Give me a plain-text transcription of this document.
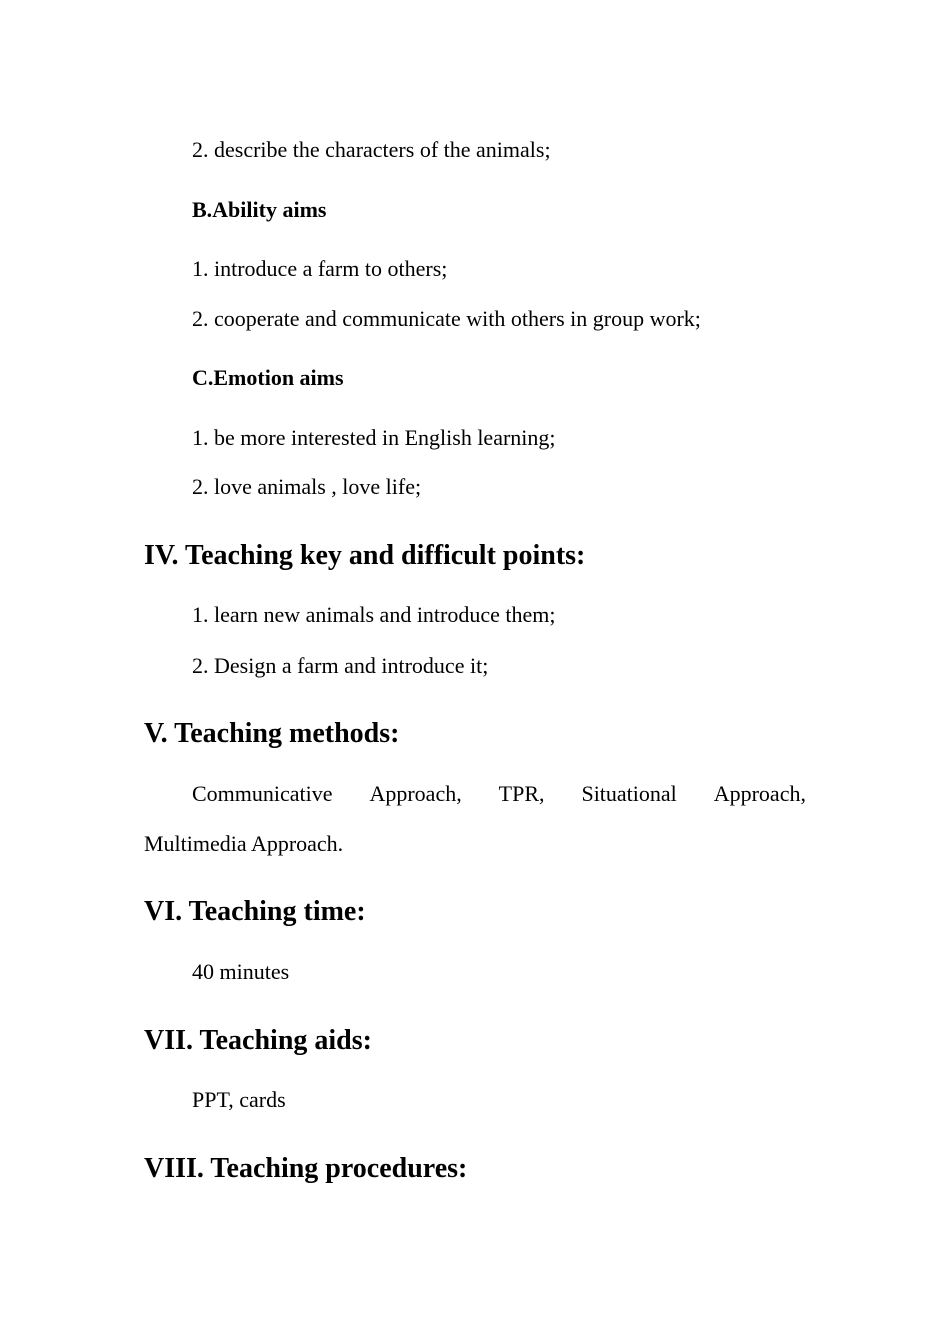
2. describe the characters of the animals;
B.Ability aims
1. introduce a farm to others;
2. cooperate and communicate with others in group work;
C.Emotion aims
1. be more interested in English learning;
2. love animals , love life;
IV. Teaching key and difficult points:
1. learn new animals and introduce them;
2. Design a farm and introduce it;
V. Teaching methods:
Communicative Approach, TPR, Situational Approach,
Multimedia Approach.
VI. Teaching time:
40 minutes
VII. Teaching aids:
PPT, cards
VIII. Teaching procedures:
